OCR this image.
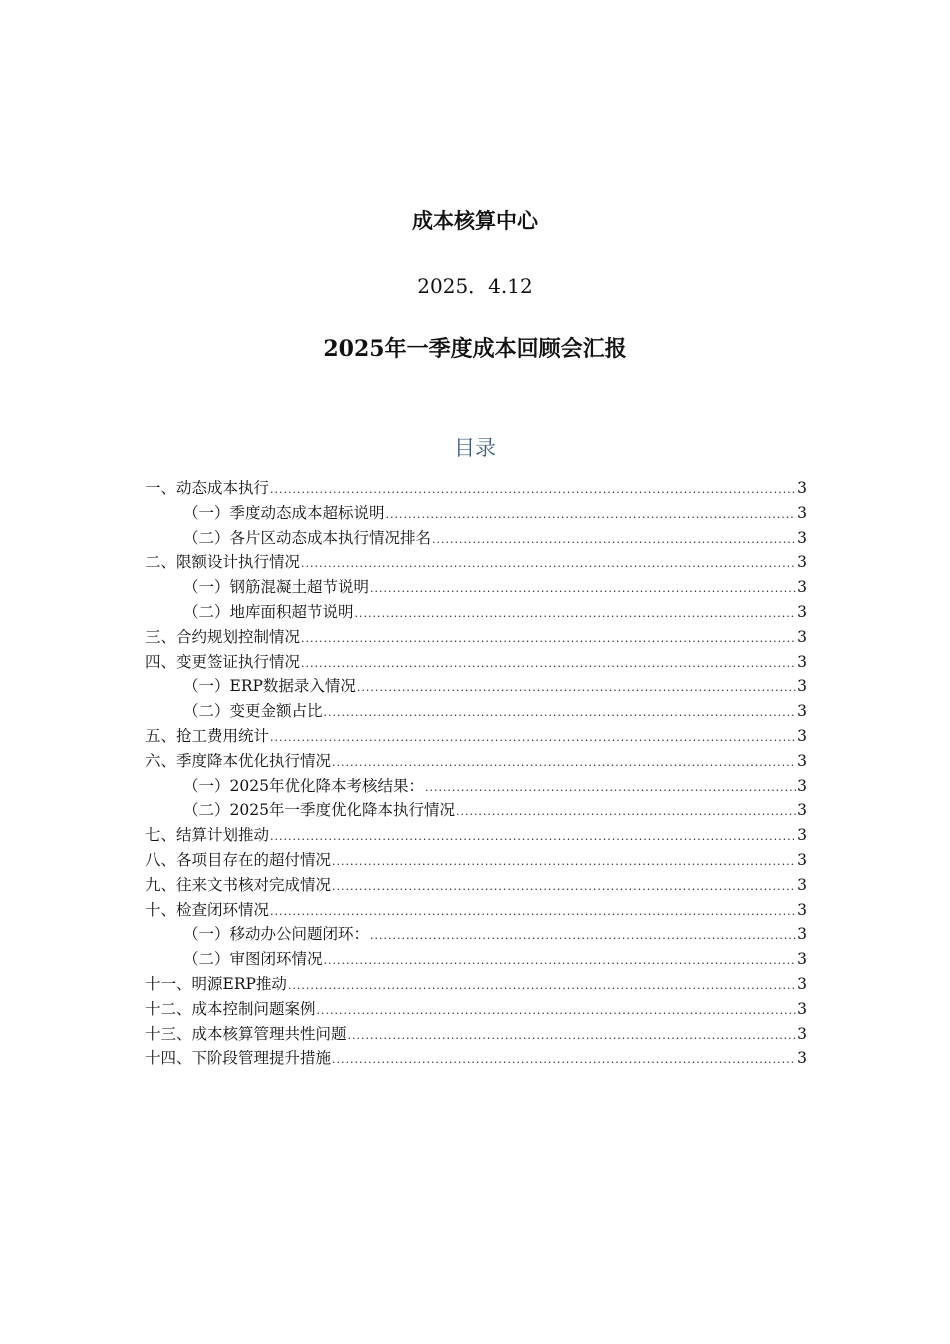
成本核算中心
2025．4.12
2025年一季度成本回顾会汇报
目录
一、动态成本执行 .....	3
（一）季度动态成本超标说明 .....	3
（二）各片区动态成本执行情况排名 .....	3
二、限额设计执行情况 .....	3
（一）钢筋混凝土超节说明 .....	3
（二）地库面积超节说明 .....	3
三、合约规划控制情况 .....	3
四、变更签证执行情况 .....	3
（一）ERP数据录入情况 .....	3
（二）变更金额占比 .....	3
五、抢工费用统计 .....	3
六、季度降本优化执行情况 .....	3
（一）2025年优化降本考核结果： .....	3
（二）2025年一季度优化降本执行情况 .....	3
七、结算计划推动 .....	3
八、各项目存在的超付情况 .....	3
九、往来文书核对完成情况 .....	3
十、检查闭环情况 .....	3
（一）移动办公问题闭环： .....	3
（二）审图闭环情况 .....	3
十一、明源ERP推动 .....	3
十二、成本控制问题案例 .....	3
十三、成本核算管理共性问题 .....	3
十四、下阶段管理提升措施 .....	3
